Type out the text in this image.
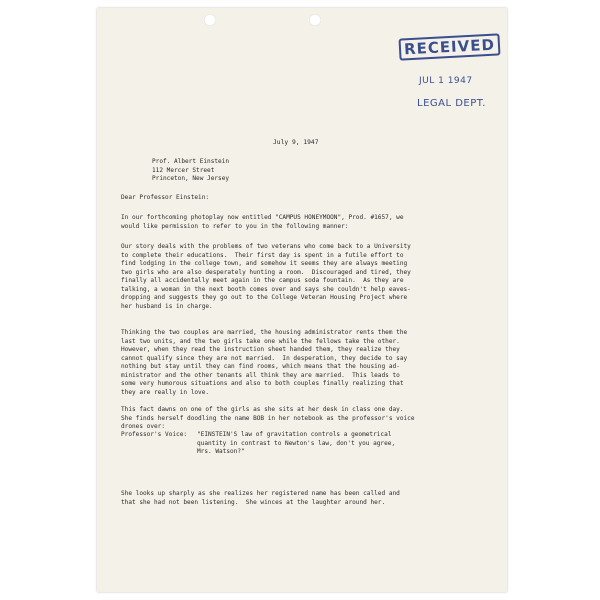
RECEIVED
JUL 1 1947
LEGAL DEPT.
July 9, 1947
Prof. Albert Einstein
112 Mercer Street
Princeton, New Jersey
Dear Professor Einstein:
In our forthcoming photoplay now entitled "CAMPUS HONEYMOON", Prod. #1657, we
would like permission to refer to you in the following manner:
Our story deals with the problems of two veterans who come back to a University
to complete their educations.  Their first day is spent in a futile effort to
find lodging in the college town, and somehow it seems they are always meeting
two girls who are also desperately hunting a room.  Discouraged and tired, they
finally all accidentally meet again in the campus soda fountain.  As they are
talking, a woman in the next booth comes over and says she couldn't help eaves-
dropping and suggests they go out to the College Veteran Housing Project where
her husband is in charge.
Thinking the two couples are married, the housing administrator rents them the
last two units, and the two girls take one while the fellows take the other.
However, when they read the instruction sheet handed them, they realize they
cannot qualify since they are not married.  In desperation, they decide to say
nothing but stay until they can find rooms, which means that the housing ad-
ministrator and the other tenants all think they are married.  This leads to
some very humorous situations and also to both couples finally realizing that
they are really in love.
This fact dawns on one of the girls as she sits at her desk in class one day.
She finds herself doodling the name BOB in her notebook as the professor's voice
drones over:
Professor's Voice: "EINSTEIN'S law of gravitation controls a geometrical
quantity in contrast to Newton's law, don't you agree,
Mrs. Watson?"
She looks up sharply as she realizes her registered name has been called and
that she had not been listening.  She winces at the laughter around her.
